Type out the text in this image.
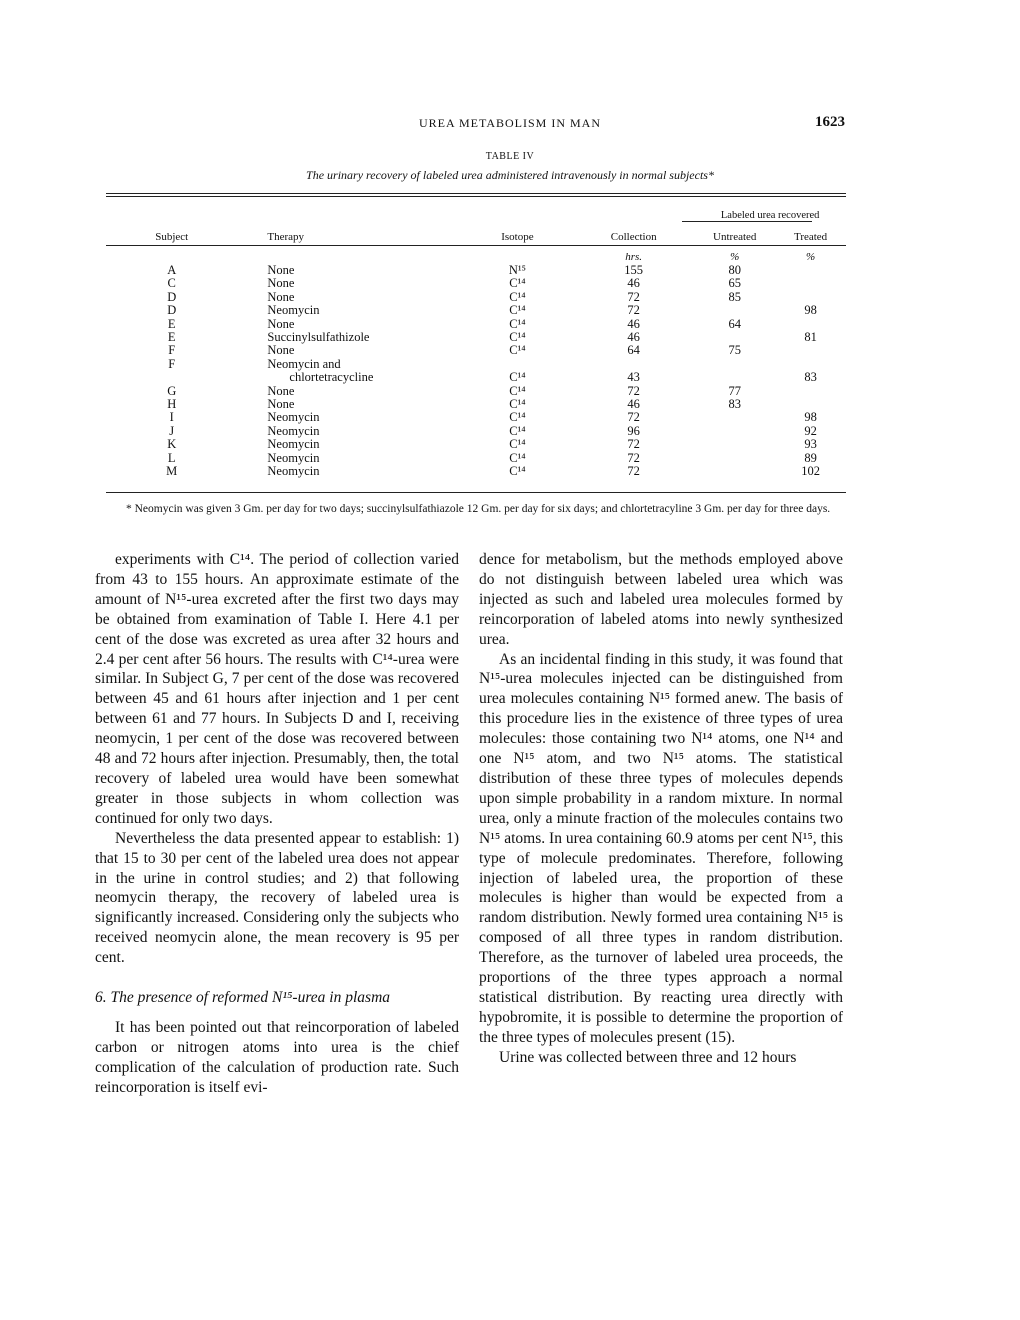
UREA METABOLISM IN MAN	1623
TABLE IV
The urinary recovery of labeled urea administered intravenously in normal subjects*
				Labeled urea recovered	
Subject	Therapy	Isotope	Collection	Untreated	Treated
			hrs.	%	%
A	None	N¹⁵	155	80	
C	None	C¹⁴	46	65	
D	None	C¹⁴	72	85	
D	Neomycin	C¹⁴	72		98
E	None	C¹⁴	46	64	
E	Succinylsulfathizole	C¹⁴	46		81
F	None	C¹⁴	64	75	
F	Neomycin and				
	chlortetracycline	C¹⁴	43		83
G	None	C¹⁴	72	77	
H	None	C¹⁴	46	83	
I	Neomycin	C¹⁴	72		98
J	Neomycin	C¹⁴	96		92
K	Neomycin	C¹⁴	72		93
L	Neomycin	C¹⁴	72		89
M	Neomycin	C¹⁴	72		102
* Neomycin was given 3 Gm. per day for two days; succinylsulfathiazole 12 Gm. per day for six days; and chlortetracyline 3 Gm. per day for three days.

experiments with C¹⁴. The period of collection varied from 43 to 155 hours. An approximate estimate of the amount of N¹⁵-urea excreted after the first two days may be obtained from examination of Table I. Here 4.1 per cent of the dose was excreted as urea after 32 hours and 2.4 per cent after 56 hours. The results with C¹⁴-urea were similar. In Subject G, 7 per cent of the dose was recovered between 45 and 61 hours after injection and 1 per cent between 61 and 77 hours. In Subjects D and I, receiving neomycin, 1 per cent of the dose was recovered between 48 and 72 hours after injection. Presumably, then, the total recovery of labeled urea would have been somewhat greater in those subjects in whom collection was continued for only two days.

Nevertheless the data presented appear to establish: 1) that 15 to 30 per cent of the labeled urea does not appear in the urine in control studies; and 2) that following neomycin therapy, the recovery of labeled urea is significantly increased. Considering only the subjects who received neomycin alone, the mean recovery is 95 per cent.

6. The presence of reformed N¹⁵-urea in plasma

It has been pointed out that reincorporation of labeled carbon or nitrogen atoms into urea is the chief complication of the calculation of production rate. Such reincorporation is itself evi-

dence for metabolism, but the methods employed above do not distinguish between labeled urea which was injected as such and labeled urea molecules formed by reincorporation of labeled atoms into newly synthesized urea.

As an incidental finding in this study, it was found that N¹⁵-urea molecules injected can be distinguished from urea molecules containing N¹⁵ formed anew. The basis of this procedure lies in the existence of three types of urea molecules: those containing two N¹⁴ atoms, one N¹⁴ and one N¹⁵ atom, and two N¹⁵ atoms. The statistical distribution of these three types of molecules depends upon simple probability in a random mixture. In normal urea, only a minute fraction of the molecules contains two N¹⁵ atoms. In urea containing 60.9 atoms per cent N¹⁵, this type of molecule predominates. Therefore, following injection of labeled urea, the proportion of these molecules is higher than would be expected from a random distribution. Newly formed urea containing N¹⁵ is composed of all three types in random distribution. Therefore, as the turnover of labeled urea proceeds, the proportions of the three types approach a normal statistical distribution. By reacting urea directly with hypobromite, it is possible to determine the proportion of the three types of molecules present (15).

Urine was collected between three and 12 hours
